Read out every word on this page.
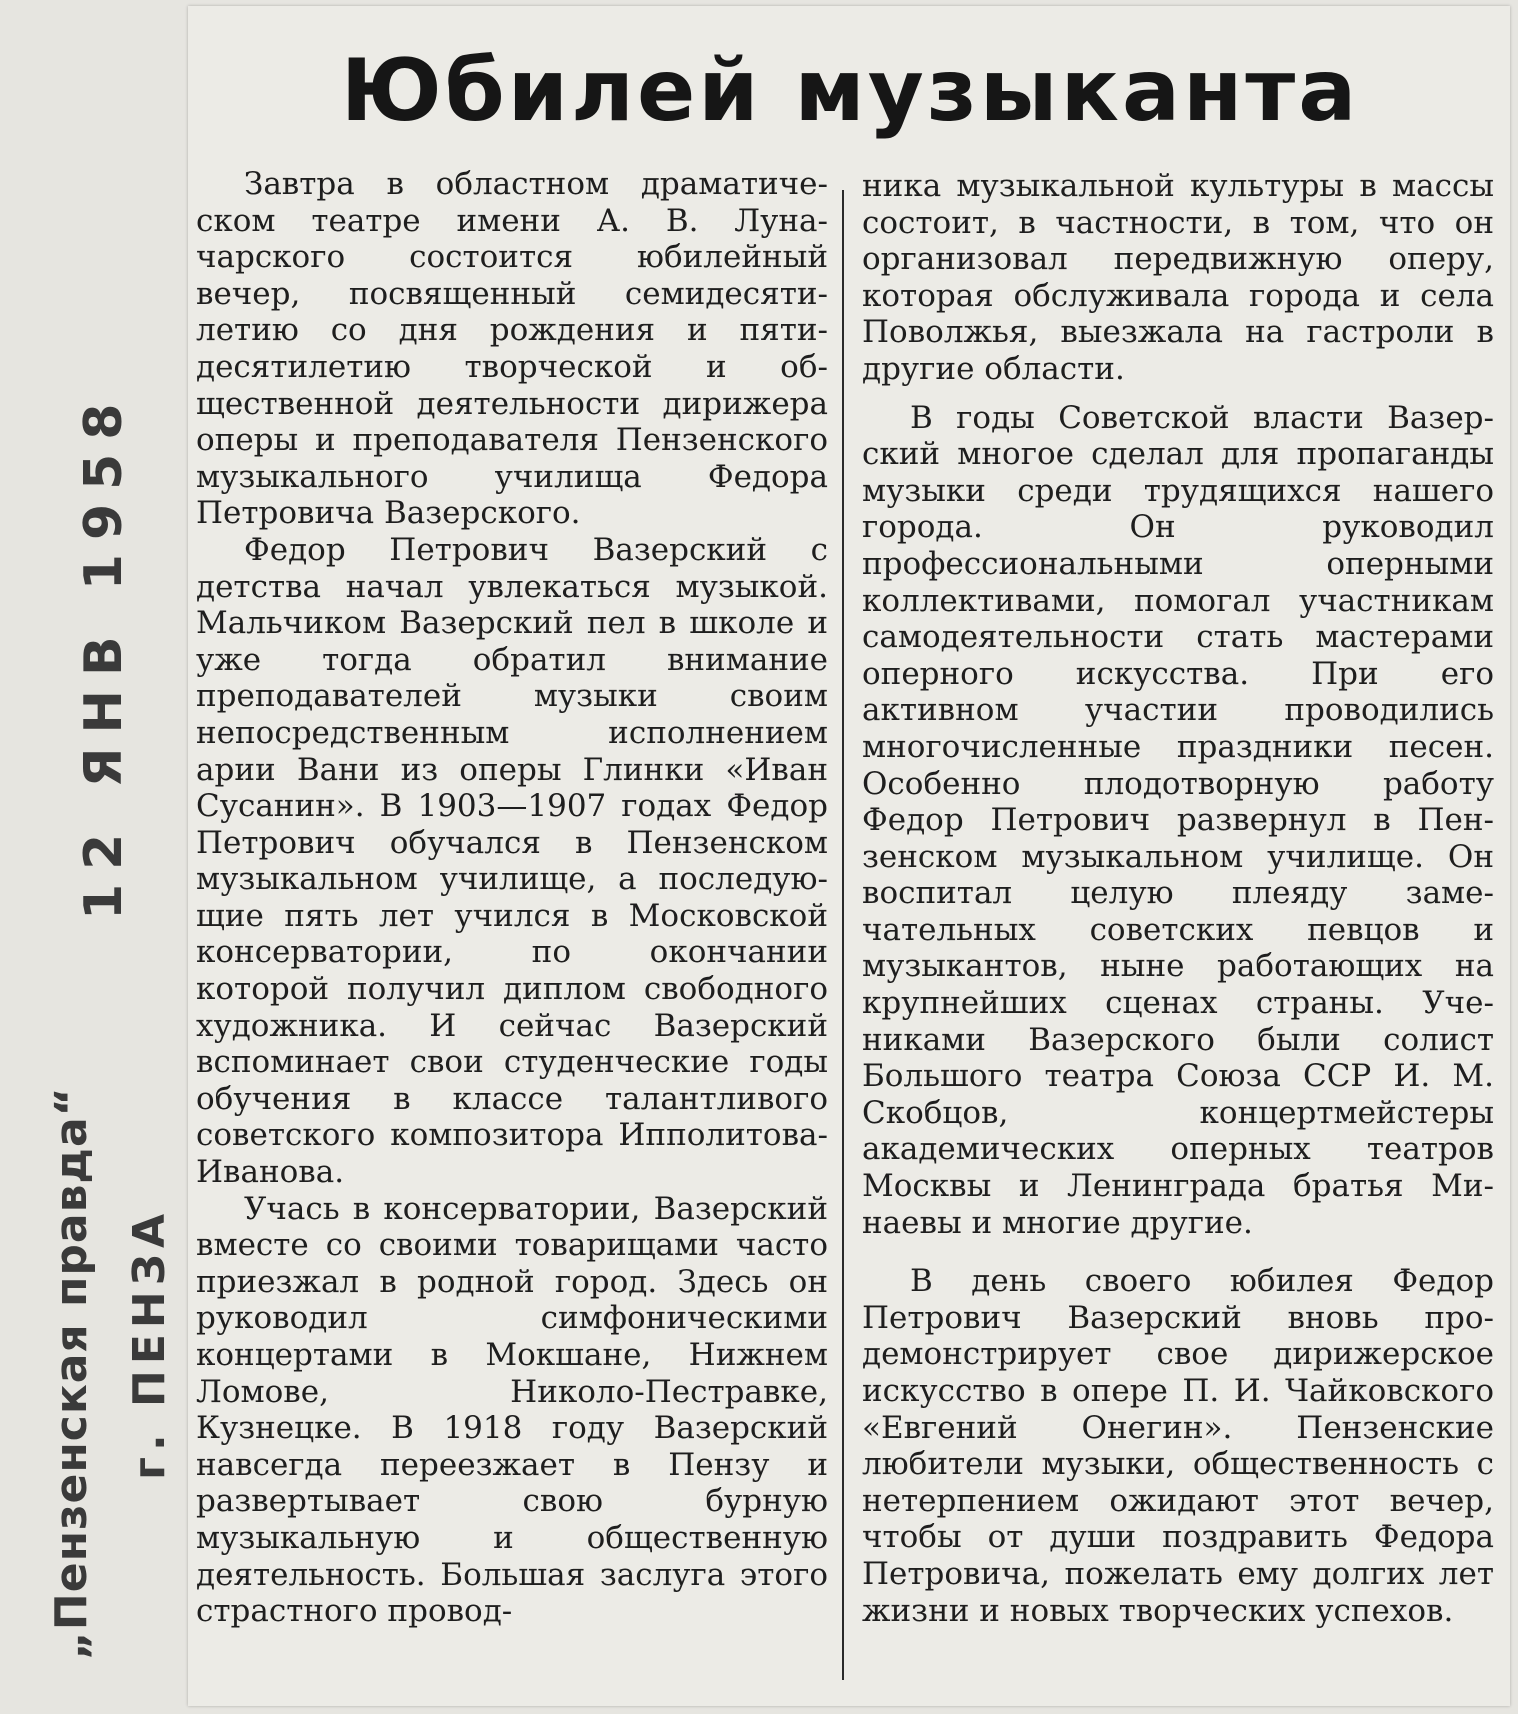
12 ЯНВ 1958
„Пензенская правда“ г. ПЕНЗА
Юбилей музыканта

Завтра в областном драматическом театре имени А. В. Луначарского состоится юбилейный вечер, посвященный семидесятилетию со дня рождения и пятидесятилетию творческой и общественной деятельности дирижeра оперы и преподавателя Пензенского музыкального училища Федора Петровича Вазерского.

Федор Петрович Вазерский с детства начал увлекаться музыкой. Мальчиком Вазерский пел в школе и уже тогда обратил внимание преподавателей музыки своим непосредственным исполнением арии Вани из оперы Глинки «Иван Сусанин». В 1903—1907 годах Федор Петрович обучался в Пензенском музыкальном училище, а последующие пять лет учился в Московской консерватории, по окончании которой получил диплом свободного художника. И сейчас Вазерский вспоминает свои студенческие годы обучения в классе талантливого советского композитора Ипполитова-Иванова.

Учась в консерватории, Вазерский вместе со своими товарищами часто приезжал в родной город. Здесь он руководил симфоническими концертами в Мокшане, Нижнем Ломове, Николо-Пестравке, Кузнецке. В 1918 году Вазерский навсегда переезжает в Пензу и развертывает свою бурную музыкальную и общественную деятельность. Большая заслуга этого страстного провод-

ника музыкальной культуры в массы состоит, в частности, в том, что он организовал передвижную оперу, которая обслуживала города и села Поволжья, выезжала на гастроли в другие области.

В годы Советской власти Вазерский многое сделал для пропаганды музыки среди трудящихся нашего города. Он руководил профессиональными оперными коллективами, помогал участникам самодеятельности стать мастерами оперного искусства. При его активном участии проводились многочисленные праздники песен. Особенно плодотворную работу Федор Петрович развернул в Пензенском музыкальном училище. Он воспитал целую плеяду замечательных советских певцов и музыкантов, ныне работающих на крупнейших сценах страны. Учениками Вазерского были солист Большого театра Союза ССР И. М. Скобцов, концертмейстеры академических оперных театров Москвы и Ленинграда братья Минаевы и многие другие.

В день своего юбилея Федор Петрович Вазерский вновь продемонстрирует свое дирижерское искусство в опере П. И. Чайковского «Евгений Онегин». Пензенские любители музыки, общественность с нетерпением ожидают этот вечер, чтобы от души поздравить Федора Петровича, пожелать ему долгих лет жизни и новых творческих успехов.
